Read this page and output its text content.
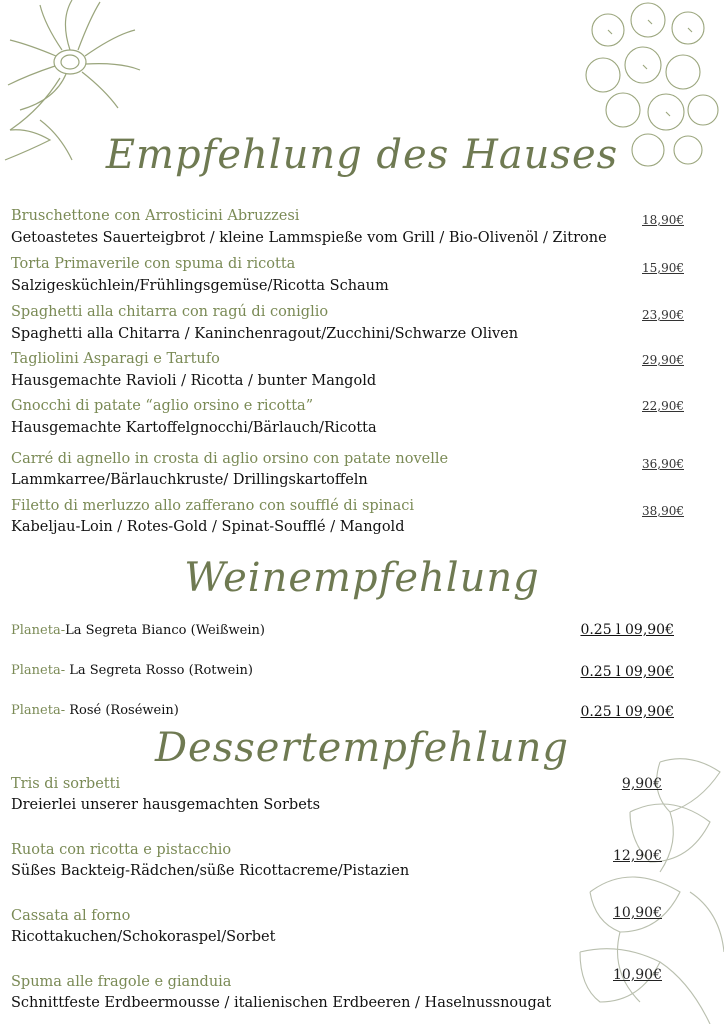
Empfehlung des Hauses
Bruschettone con Arrosticini Abruzzesi
Getoastetes Sauerteigbrot / kleine Lammspieße vom Grill / Bio-Olivenöl / Zitrone
18,90€
Torta Primaverile con spuma di ricotta
Salzigesküchlein/Frühlingsgemüse/Ricotta Schaum
15,90€
Spaghetti alla chitarra con ragú di coniglio
Spaghetti alla Chitarra / Kaninchenragout/Zucchini/Schwarze Oliven
23,90€
Tagliolini Asparagi e Tartufo
Hausgemachte Ravioli / Ricotta / bunter Mangold
29,90€
Gnocchi di patate “aglio orsino e ricotta”
Hausgemachte Kartoffelgnocchi/Bärlauch/Ricotta
22,90€
Carré di agnello in crosta di aglio orsino con patate novelle
Lammkarree/Bärlauchkruste/ Drillingskartoffeln
36,90€
Filetto di merluzzo allo zafferano con soufflé di spinaci
Kabeljau-Loin / Rotes-Gold / Spinat-Soufflé / Mangold
38,90€
Weinempfehlung
Planeta-La Segreta Bianco (Weißwein)	0.25 l 09,90€
Planeta- La Segreta Rosso (Rotwein)	0.25 l 09,90€
Planeta- Rosé (Roséwein)	0.25 l 09,90€
Dessertempfehlung
Tris di sorbetti
Dreierlei unserer hausgemachten Sorbets
9,90€
Ruota con ricotta e pistacchio
Süßes Backteig-Rädchen/süße Ricottacreme/Pistazien
12,90€
Cassata al forno
Ricottakuchen/Schokoraspel/Sorbet
10,90€
Spuma alle fragole e gianduia
Schnittfeste Erdbeermousse / italienischen Erdbeeren / Haselnussnougat
10,90€
